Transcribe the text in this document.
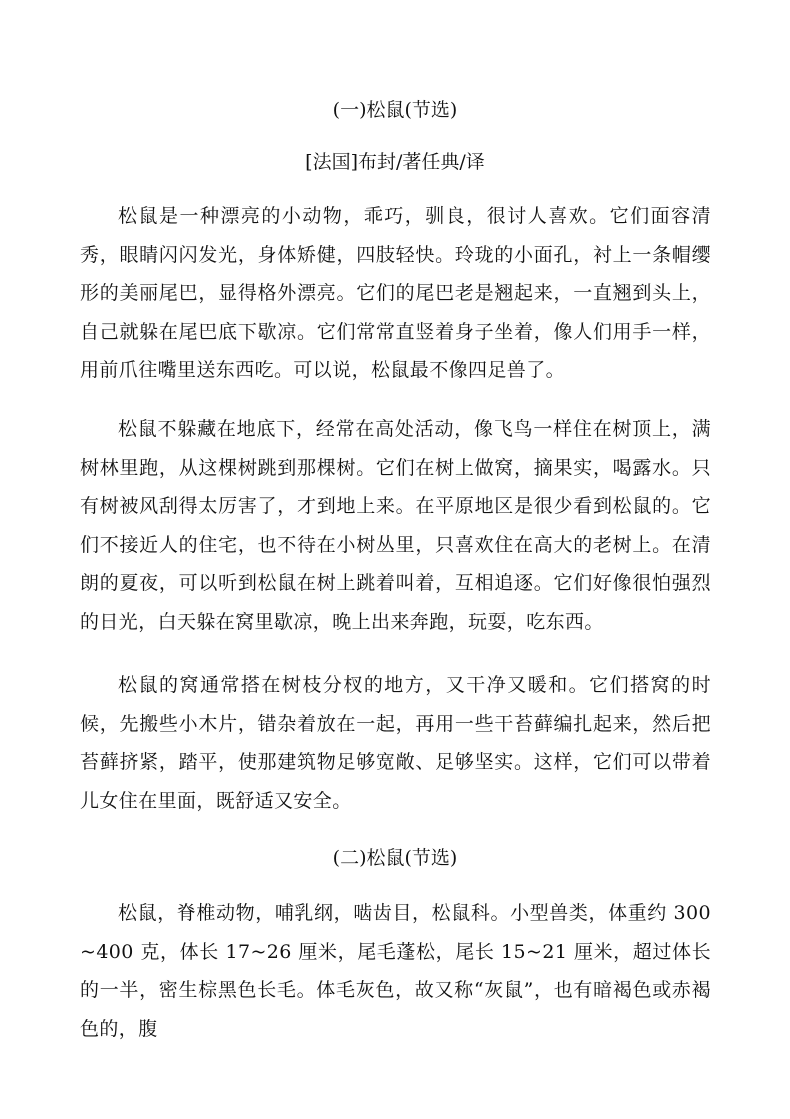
(一)松鼠(节选)
[法国]布封/著任典/译

松鼠是一种漂亮的小动物，乖巧，驯良，很讨人喜欢。它们面容清秀，眼睛闪闪发光，身体矫健，四肢轻快。玲珑的小面孔，衬上一条帽缨形的美丽尾巴，显得格外漂亮。它们的尾巴老是翘起来，一直翘到头上，自己就躲在尾巴底下歇凉。它们常常直竖着身子坐着，像人们用手一样，用前爪往嘴里送东西吃。可以说，松鼠最不像四足兽了。

松鼠不躲藏在地底下，经常在高处活动，像飞鸟一样住在树顶上，满树林里跑，从这棵树跳到那棵树。它们在树上做窝，摘果实，喝露水。只有树被风刮得太厉害了，才到地上来。在平原地区是很少看到松鼠的。它们不接近人的住宅，也不待在小树丛里，只喜欢住在高大的老树上。在清朗的夏夜，可以听到松鼠在树上跳着叫着，互相追逐。它们好像很怕强烈的日光，白天躲在窝里歇凉，晚上出来奔跑，玩耍，吃东西。

松鼠的窝通常搭在树枝分杈的地方，又干净又暖和。它们搭窝的时候，先搬些小木片，错杂着放在一起，再用一些干苔藓编扎起来，然后把苔藓挤紧，踏平，使那建筑物足够宽敞、足够坚实。这样，它们可以带着儿女住在里面，既舒适又安全。

(二)松鼠(节选)

松鼠，脊椎动物，哺乳纲，啮齿目，松鼠科。小型兽类，体重约 300~400 克，体长 17~26 厘米，尾毛蓬松，尾长 15~21 厘米，超过体长的一半，密生棕黑色长毛。体毛灰色，故又称“灰鼠”，也有暗褐色或赤褐色的，腹
